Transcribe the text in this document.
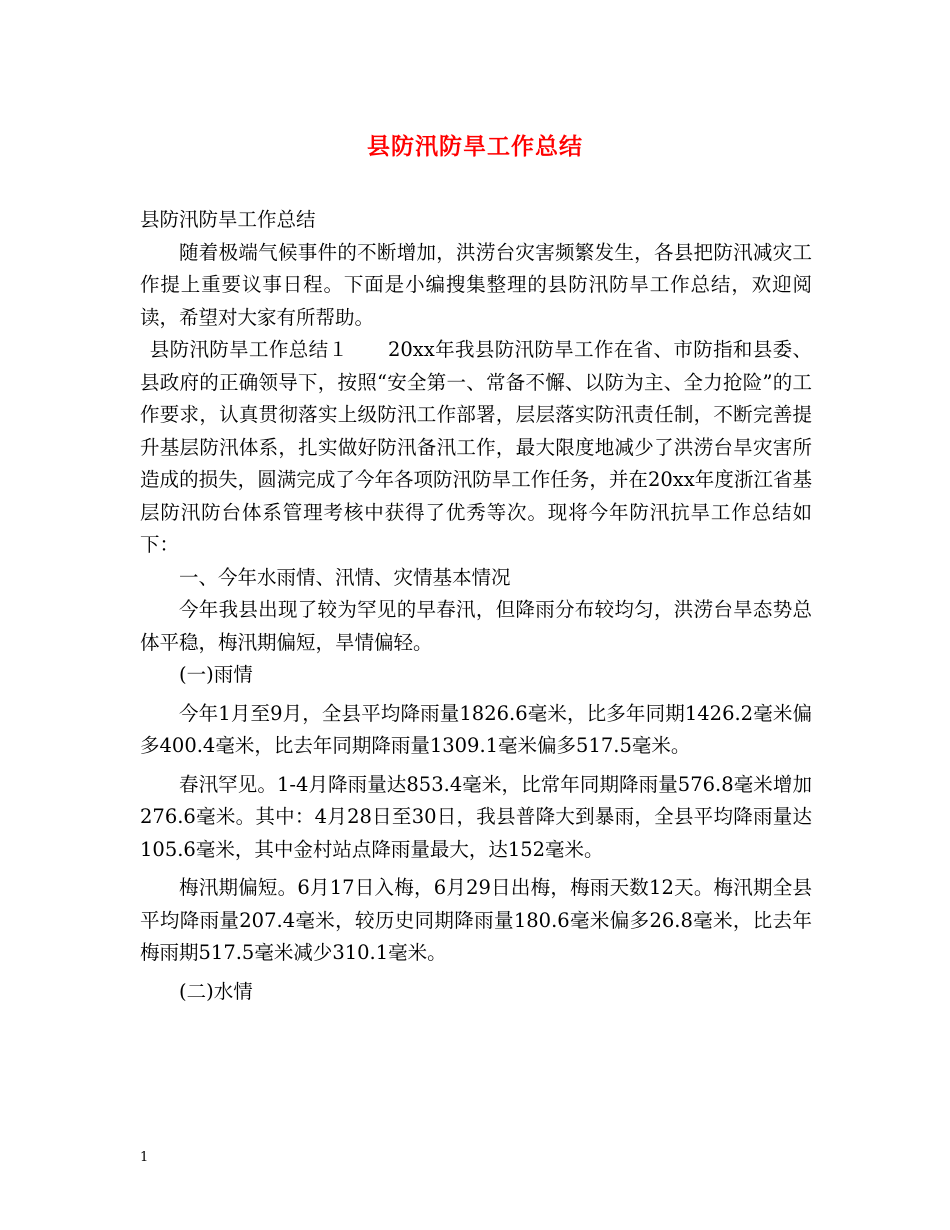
县防汛防旱工作总结

县防汛防旱工作总结

随着极端气候事件的不断增加，洪涝台灾害频繁发生，各县把防汛减灾工作提上重要议事日程。下面是小编搜集整理的县防汛防旱工作总结，欢迎阅读，希望对大家有所帮助。

县防汛防旱工作总结１　　20xx年我县防汛防旱工作在省、市防指和县委、县政府的正确领导下，按照“安全第一、常备不懈、以防为主、全力抢险”的工作要求，认真贯彻落实上级防汛工作部署，层层落实防汛责任制，不断完善提升基层防汛体系，扎实做好防汛备汛工作，最大限度地减少了洪涝台旱灾害所造成的损失，圆满完成了今年各项防汛防旱工作任务，并在20xx年度浙江省基层防汛防台体系管理考核中获得了优秀等次。现将今年防汛抗旱工作总结如下：

一、今年水雨情、汛情、灾情基本情况

今年我县出现了较为罕见的早春汛，但降雨分布较均匀，洪涝台旱态势总体平稳，梅汛期偏短，旱情偏轻。

(一)雨情

今年1月至9月，全县平均降雨量1826.6毫米，比多年同期1426.2毫米偏多400.4毫米，比去年同期降雨量1309.1毫米偏多517.5毫米。

春汛罕见。1-4月降雨量达853.4毫米，比常年同期降雨量576.8毫米增加276.6毫米。其中：4月28日至30日，我县普降大到暴雨，全县平均降雨量达105.6毫米，其中金村站点降雨量最大，达152毫米。

梅汛期偏短。6月17日入梅，6月29日出梅，梅雨天数12天。梅汛期全县平均降雨量207.4毫米，较历史同期降雨量180.6毫米偏多26.8毫米，比去年梅雨期517.5毫米减少310.1毫米。

(二)水情

1
